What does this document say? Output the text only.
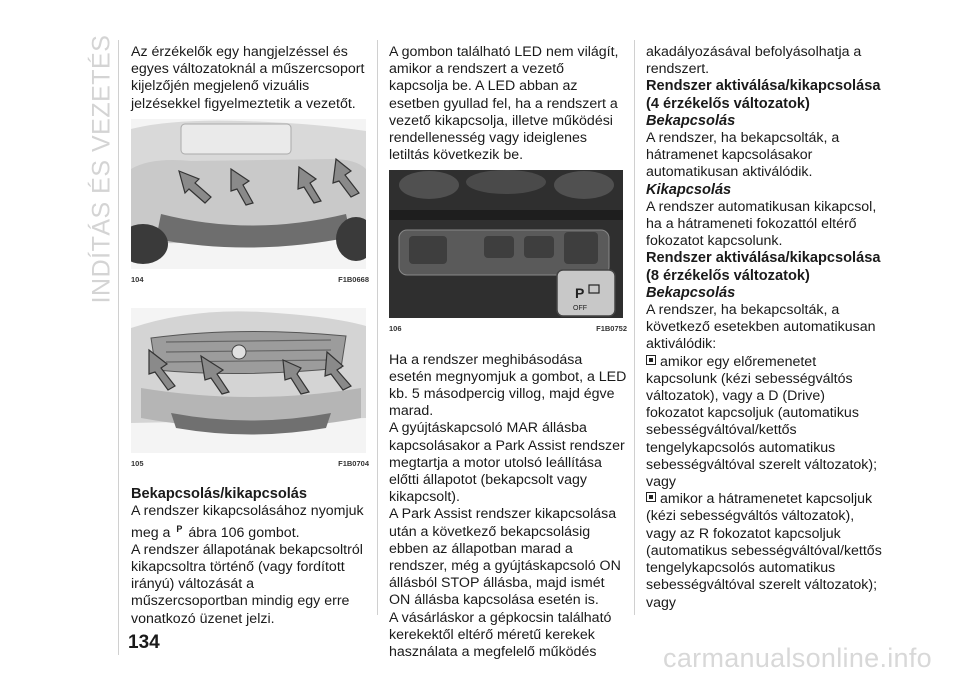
INDÍTÁS ÉS VEZETÉS Az érzékelők egy hangjelzéssel és egyes változatoknál a műszercsoport kijelzőjén megjelenő vizuális jelzésekkel figyelmeztetik a vezetőt.

104	F1B0668
105	F1B0704
Bekapcsolás/kikapcsolás

A rendszer kikapcsolásához nyomjuk meg a P ábra 106 gombot.

A rendszer állapotának bekapcsoltról kikapcsoltra történő (vagy fordított irányú) változását a műszercsoportban mindig egy erre vonatkozó üzenet jelzi.

A gombon található LED nem világít, amikor a rendszert a vezető kapcsolja be. A LED abban az esetben gyullad fel, ha a rendszert a vezető kikapcsolja, illetve működési rendellenesség vagy ideiglenes letiltás következik be.

P
OFF
106	F1B0752

Ha a rendszer meghibásodása esetén megnyomjuk a gombot, a LED kb. 5 másodpercig villog, majd égve marad.

A gyújtáskapcsoló MAR állásba kapcsolásakor a Park Assist rendszer megtartja a motor utolsó leállítása előtti állapotot (bekapcsolt vagy kikapcsolt).

A Park Assist rendszer kikapcsolása után a következő bekapcsolásig ebben az állapotban marad a rendszer, még a gyújtáskapcsoló ON állásból STOP állásba, majd ismét ON állásba kapcsolása esetén is.

A vásárláskor a gépkocsin található kerekektől eltérő méretű kerekek használata a megfelelő működés

akadályozásával befolyásolhatja a rendszert.

Rendszer aktiválása/kikapcsolása (4 érzékelős változatok)
Bekapcsolás

A rendszer, ha bekapcsolták, a hátramenet kapcsolásakor automatikusan aktiválódik.

Kikapcsolás

A rendszer automatikusan kikapcsol, ha a hátrameneti fokozattól eltérő fokozatot kapcsolunk.

Rendszer aktiválása/kikapcsolása (8 érzékelős változatok)
Bekapcsolás

A rendszer, ha bekapcsolták, a következő esetekben automatikusan aktiválódik:

amikor egy előremenetet kapcsolunk (kézi sebességváltós változatok), vagy a D (Drive) fokozatot kapcsoljuk (automatikus sebességváltóval/kettős tengelykapcsolós automatikus sebességváltóval szerelt változatok);

vagy

amikor a hátramenetet kapcsoljuk (kézi sebességváltós változatok), vagy az R fokozatot kapcsoljuk (automatikus sebességváltóval/kettős tengelykapcsolós automatikus sebességváltóval szerelt változatok);

vagy

134
carmanualsonline.info
